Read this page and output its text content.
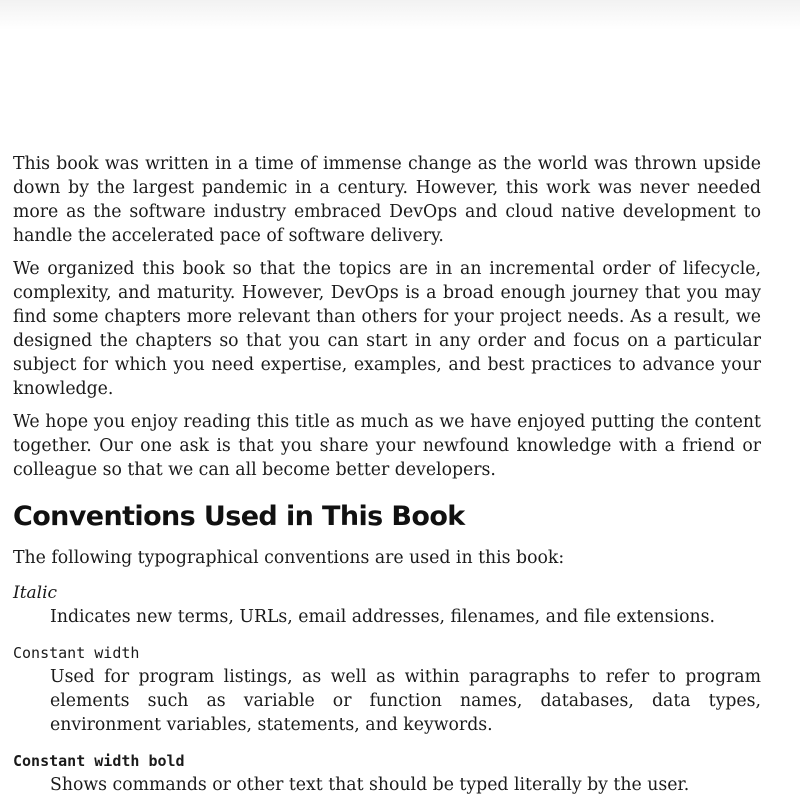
This book was written in a time of immense change as the world was thrown upside down by the largest pandemic in a century. However, this work was never needed more as the software industry embraced DevOps and cloud native development to handle the accelerated pace of software delivery.

We organized this book so that the topics are in an incremental order of lifecycle, complexity, and maturity. However, DevOps is a broad enough journey that you may find some chapters more relevant than others for your project needs. As a result, we designed the chapters so that you can start in any order and focus on a particular subject for which you need expertise, examples, and best practices to advance your knowledge.

We hope you enjoy reading this title as much as we have enjoyed putting the content together. Our one ask is that you share your newfound knowledge with a friend or colleague so that we can all become better developers.

Conventions Used in This Book

The following typographical conventions are used in this book:

Italic

Indicates new terms, URLs, email addresses, filenames, and file extensions.

Constant width

Used for program listings, as well as within paragraphs to refer to program elements such as variable or function names, databases, data types, environment variables, statements, and keywords.

Constant width bold

Shows commands or other text that should be typed literally by the user.
